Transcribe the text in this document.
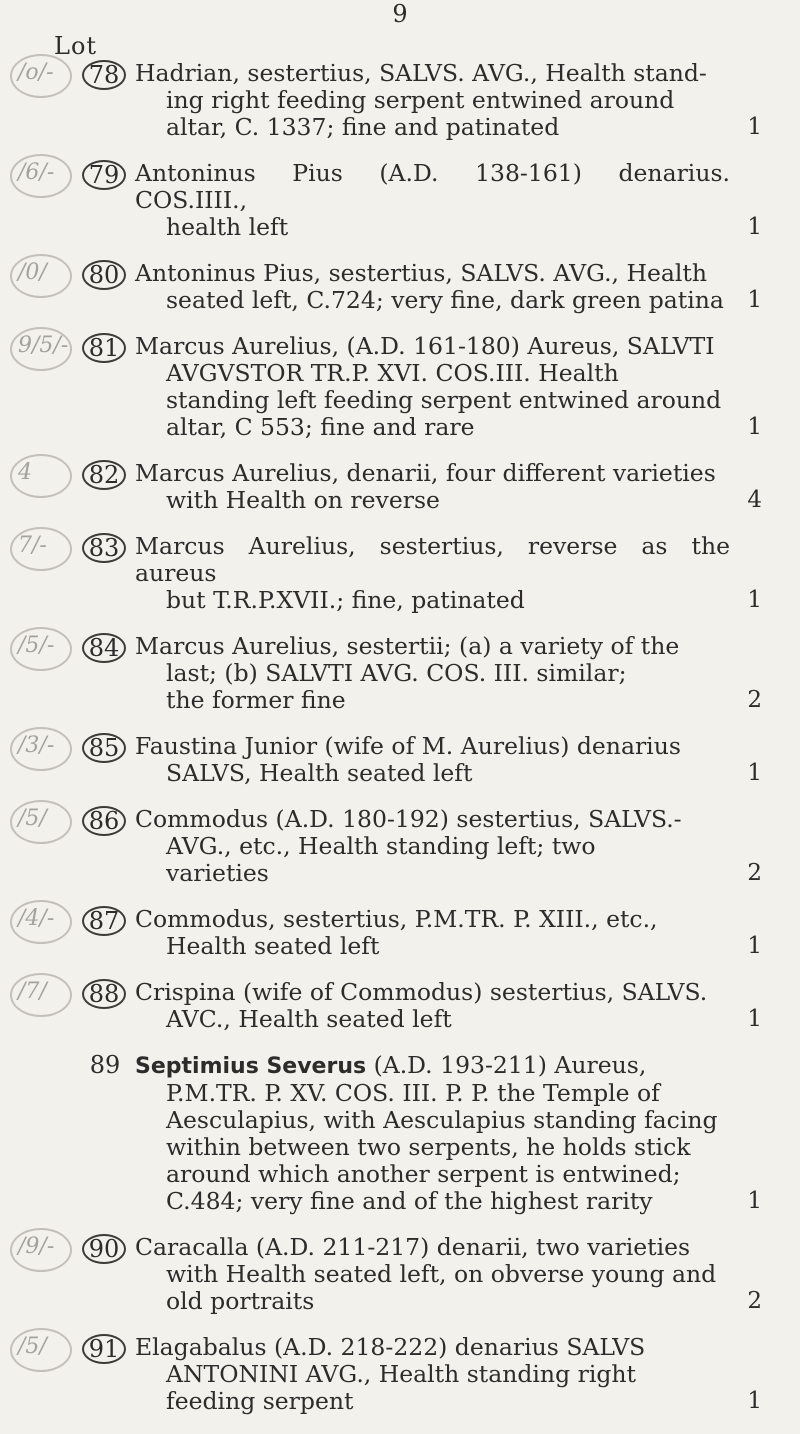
9
Lot
/o/- 78 Hadrian, sestertius, SALVS. AVG., Health stand-
ing right feeding serpent entwined around
altar, C. 1337; fine and patinated	1
/6/- 79 Antoninus Pius (A.D. 138-161) denarius. COS.IIII.,
health left	1
/0/ 80 Antoninus Pius, sestertius, SALVS. AVG., Health
seated left, C.724; very fine, dark green patina 1
9/5/- 81 Marcus Aurelius, (A.D. 161-180) Aureus, SALVTI
AVGVSTOR TR.P. XVI. COS.III. Health
standing left feeding serpent entwined around
altar, C 553; fine and rare	1
4 82 Marcus Aurelius, denarii, four different varieties
with Health on reverse	4
7/- 83 Marcus Aurelius, sestertius, reverse as the aureus
but T.R.P.XVII.; fine, patinated	1
/5/- 84 Marcus Aurelius, sestertii; (a) a variety of the
last; (b) SALVTI AVG. COS. III. similar;
the former fine	2
/3/- 85 Faustina Junior (wife of M. Aurelius) denarius
SALVS, Health seated left	1
/5/ 86 Commodus (A.D. 180-192) sestertius, SALVS.-
AVG., etc., Health standing left; two
varieties	2
/4/- 87 Commodus, sestertius, P.M.TR. P. XIII., etc.,
Health seated left	1
/7/ 88 Crispina (wife of Commodus) sestertius, SALVS.
AVC., Health seated left	1
89 Septimius Severus (A.D. 193-211) Aureus,
P.M.TR. P. XV. COS. III. P. P. the Temple of
Aesculapius, with Aesculapius standing facing
within between two serpents, he holds stick
around which another serpent is entwined;
C.484; very fine and of the highest rarity	1
/9/- 90 Caracalla (A.D. 211-217) denarii, two varieties
with Health seated left, on obverse young and
old portraits	2
/5/ 91 Elagabalus (A.D. 218-222) denarius SALVS
ANTONINI AVG., Health standing right
feeding serpent	1
